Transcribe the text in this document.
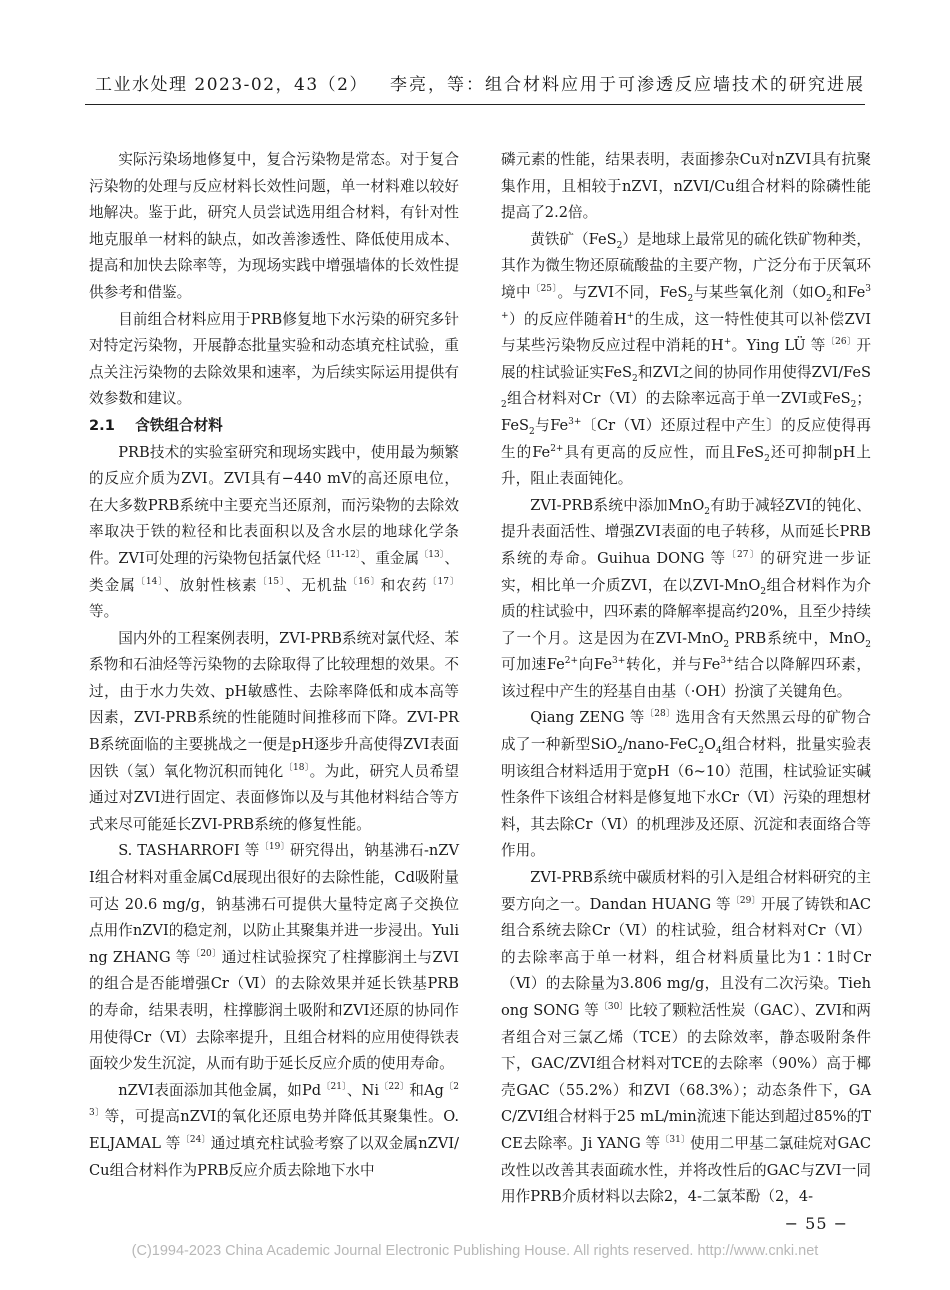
工业水处理 2023-02，43（2） 李亮，等：组合材料应用于可渗透反应墙技术的研究进展

实际污染场地修复中，复合污染物是常态。对于复合污染物的处理与反应材料长效性问题，单一材料难以较好地解决。鉴于此，研究人员尝试选用组合材料，有针对性地克服单一材料的缺点，如改善渗透性、降低使用成本、提高和加快去除率等，为现场实践中增强墙体的长效性提供参考和借鉴。

目前组合材料应用于PRB修复地下水污染的研究多针对特定污染物，开展静态批量实验和动态填充柱试验，重点关注污染物的去除效果和速率，为后续实际运用提供有效参数和建议。

2.1 含铁组合材料

PRB技术的实验室研究和现场实践中，使用最为频繁的反应介质为ZVI。ZVI具有−440 mV的高还原电位，在大多数PRB系统中主要充当还原剂，而污染物的去除效率取决于铁的粒径和比表面积以及含水层的地球化学条件。ZVI可处理的污染物包括氯代烃$^{〔11-12〕}$、重金属$^{〔13〕}$、类金属$^{〔14〕}$、放射性核素$^{〔15〕}$、无机盐$^{〔16〕}$和农药$^{〔17〕}$等。

国内外的工程案例表明，ZVI-PRB系统对氯代烃、苯系物和石油烃等污染物的去除取得了比较理想的效果。不过，由于水力失效、pH敏感性、去除率降低和成本高等因素，ZVI-PRB系统的性能随时间推移而下降。ZVI-PRB系统面临的主要挑战之一便是pH逐步升高使得ZVI表面因铁（氢）氧化物沉积而钝化$^{〔18〕}$。为此，研究人员希望通过对ZVI进行固定、表面修饰以及与其他材料结合等方式来尽可能延长ZVI-PRB系统的修复性能。

S. TASHARROFI 等$^{〔19〕}$研究得出，钠基沸石-nZVI组合材料对重金属Cd展现出很好的去除性能，Cd吸附量可达 20.6 mg/g，钠基沸石可提供大量特定离子交换位点用作nZVI的稳定剂，以防止其聚集并进一步浸出。Yuling ZHANG 等$^{〔20〕}$通过柱试验探究了柱撑膨润土与ZVI的组合是否能增强Cr（Ⅵ）的去除效果并延长铁基PRB的寿命，结果表明，柱撑膨润土吸附和ZVI还原的协同作用使得Cr（Ⅵ）去除率提升，且组合材料的应用使得铁表面较少发生沉淀，从而有助于延长反应介质的使用寿命。

nZVI表面添加其他金属，如$Pd^{〔21〕}$、$Ni^{〔22〕}$和$Ag^{〔23〕}$等，可提高nZVI的氧化还原电势并降低其聚集性。O. ELJAMAL 等$^{〔24〕}$通过填充柱试验考察了以双金属nZVI/Cu组合材料作为PRB反应介质去除地下水中

磷元素的性能，结果表明，表面掺杂Cu对nZVI具有抗聚集作用，且相较于nZVI，nZVI/Cu组合材料的除磷性能提高了2.2倍。

黄铁矿（FeS$_2$）是地球上最常见的硫化铁矿物种类，其作为微生物还原硫酸盐的主要产物，广泛分布于厌氧环境中$^{〔25〕}$。与ZVI不同，FeS$_2$与某些氧化剂（如$O_2$和$Fe^{3+}$）的反应伴随着H+的生成，这一特性使其可以补偿ZVI与某些污染物反应过程中消耗的H+。Ying LÜ 等$^{〔26〕}$开展的柱试验证实FeS$_2$和ZVI之间的协同作用使得ZVI/FeS$_2$组合材料对Cr（Ⅵ）的去除率远高于单一ZVI或FeS$_2$；FeS$_2$与$Fe^{3+}$〔Cr（Ⅵ）还原过程中产生〕的反应使得再生的$Fe^{2+}$具有更高的反应性，而且FeS$_2$还可抑制pH上升，阻止表面钝化。

ZVI-PRB系统中添加MnO$_2$有助于减轻ZVI的钝化、提升表面活性、增强ZVI表面的电子转移，从而延长PRB系统的寿命。Guihua DONG 等$^{〔27〕}$的研究进一步证实，相比单一介质ZVI，在以ZVI-MnO$_2$组合材料作为介质的柱试验中，四环素的降解率提高约20%，且至少持续了一个月。这是因为在ZVI-MnO$_2$ PRB系统中，MnO$_2$可加速$Fe^{2+}$向$Fe^{3+}$转化，并与$Fe^{3+}$结合以降解四环素，该过程中产生的羟基自由基（·OH）扮演了关键角色。

Qiang ZENG 等$^{〔28〕}$选用含有天然黑云母的矿物合成了一种新型$SiO_2/nano-FeC_2O_4$组合材料，批量实验表明该组合材料适用于宽pH（6~10）范围，柱试验证实碱性条件下该组合材料是修复地下水Cr（Ⅵ）污染的理想材料，其去除Cr（Ⅵ）的机理涉及还原、沉淀和表面络合等作用。

ZVI-PRB系统中碳质材料的引入是组合材料研究的主要方向之一。Dandan HUANG 等$^{〔29〕}$开展了铸铁和AC组合系统去除Cr（Ⅵ）的柱试验，组合材料对Cr（Ⅵ）的去除率高于单一材料，组合材料质量比为1∶1时Cr（Ⅵ）的去除量为3.806 mg/g，且没有二次污染。Tiehong SONG 等$^{〔30〕}$比较了颗粒活性炭（GAC）、ZVI和两者组合对三氯乙烯（TCE）的去除效率，静态吸附条件下，GAC/ZVI组合材料对TCE的去除率（90%）高于椰壳GAC（55.2%）和ZVI（68.3%）；动态条件下，GAC/ZVI组合材料于25 mL/min流速下能达到超过85%的TCE去除率。Ji YANG 等$^{〔31〕}$使用二甲基二氯硅烷对GAC改性以改善其表面疏水性，并将改性后的GAC与ZVI一同用作PRB介质材料以去除2，4-二氯苯酚（2，4-

− 55 −
(C)1994-2023 China Academic Journal Electronic Publishing House. All rights reserved. http://www.cnki.net
